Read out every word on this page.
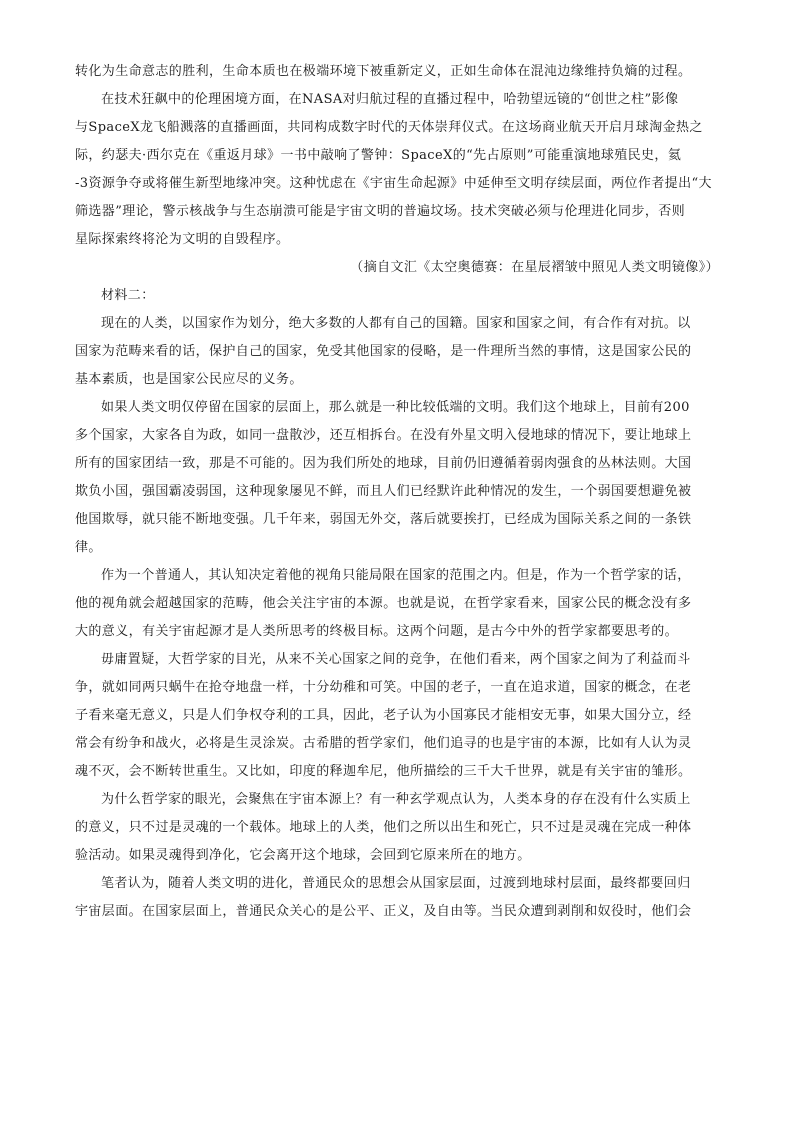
转化为生命意志的胜利，生命本质也在极端环境下被重新定义，正如生命体在混沌边缘维持负熵的过程。
在技术狂飙中的伦理困境方面，在NASA对归航过程的直播过程中，哈勃望远镜的“创世之柱”影像
与SpaceX龙飞船溅落的直播画面，共同构成数字时代的天体崇拜仪式。在这场商业航天开启月球淘金热之
际，约瑟夫·西尔克在《重返月球》一书中敲响了警钟：SpaceX的“先占原则”可能重演地球殖民史，氦
-3资源争夺或将催生新型地缘冲突。这种忧虑在《宇宙生命起源》中延伸至文明存续层面，两位作者提出“大
筛选器”理论，警示核战争与生态崩溃可能是宇宙文明的普遍坟场。技术突破必须与伦理进化同步，否则
星际探索终将沦为文明的自毁程序。
（摘自文汇《太空奥德赛：在星辰褶皱中照见人类文明镜像》）
材料二：
现在的人类，以国家作为划分，绝大多数的人都有自己的国籍。国家和国家之间，有合作有对抗。以
国家为范畴来看的话，保护自己的国家，免受其他国家的侵略，是一件理所当然的事情，这是国家公民的
基本素质，也是国家公民应尽的义务。
如果人类文明仅停留在国家的层面上，那么就是一种比较低端的文明。我们这个地球上，目前有200
多个国家，大家各自为政，如同一盘散沙，还互相拆台。在没有外星文明入侵地球的情况下，要让地球上
所有的国家团结一致，那是不可能的。因为我们所处的地球，目前仍旧遵循着弱肉强食的丛林法则。大国
欺负小国，强国霸凌弱国，这种现象屡见不鲜，而且人们已经默许此种情况的发生，一个弱国要想避免被
他国欺辱，就只能不断地变强。几千年来，弱国无外交，落后就要挨打，已经成为国际关系之间的一条铁
律。
作为一个普通人，其认知决定着他的视角只能局限在国家的范围之内。但是，作为一个哲学家的话，
他的视角就会超越国家的范畴，他会关注宇宙的本源。也就是说，在哲学家看来，国家公民的概念没有多
大的意义，有关宇宙起源才是人类所思考的终极目标。这两个问题，是古今中外的哲学家都要思考的。
毋庸置疑，大哲学家的目光，从来不关心国家之间的竞争，在他们看来，两个国家之间为了利益而斗
争，就如同两只蜗牛在抢夺地盘一样，十分幼稚和可笑。中国的老子，一直在追求道，国家的概念，在老
子看来毫无意义，只是人们争权夺利的工具，因此，老子认为小国寡民才能相安无事，如果大国分立，经
常会有纷争和战火，必将是生灵涂炭。古希腊的哲学家们，他们追寻的也是宇宙的本源，比如有人认为灵
魂不灭，会不断转世重生。又比如，印度的释迦牟尼，他所描绘的三千大千世界，就是有关宇宙的雏形。
为什么哲学家的眼光，会聚焦在宇宙本源上？有一种玄学观点认为，人类本身的存在没有什么实质上
的意义，只不过是灵魂的一个载体。地球上的人类，他们之所以出生和死亡，只不过是灵魂在完成一种体
验活动。如果灵魂得到净化，它会离开这个地球，会回到它原来所在的地方。
笔者认为，随着人类文明的进化，普通民众的思想会从国家层面，过渡到地球村层面，最终都要回归
宇宙层面。在国家层面上，普通民众关心的是公平、正义，及自由等。当民众遭到剥削和奴役时，他们会
